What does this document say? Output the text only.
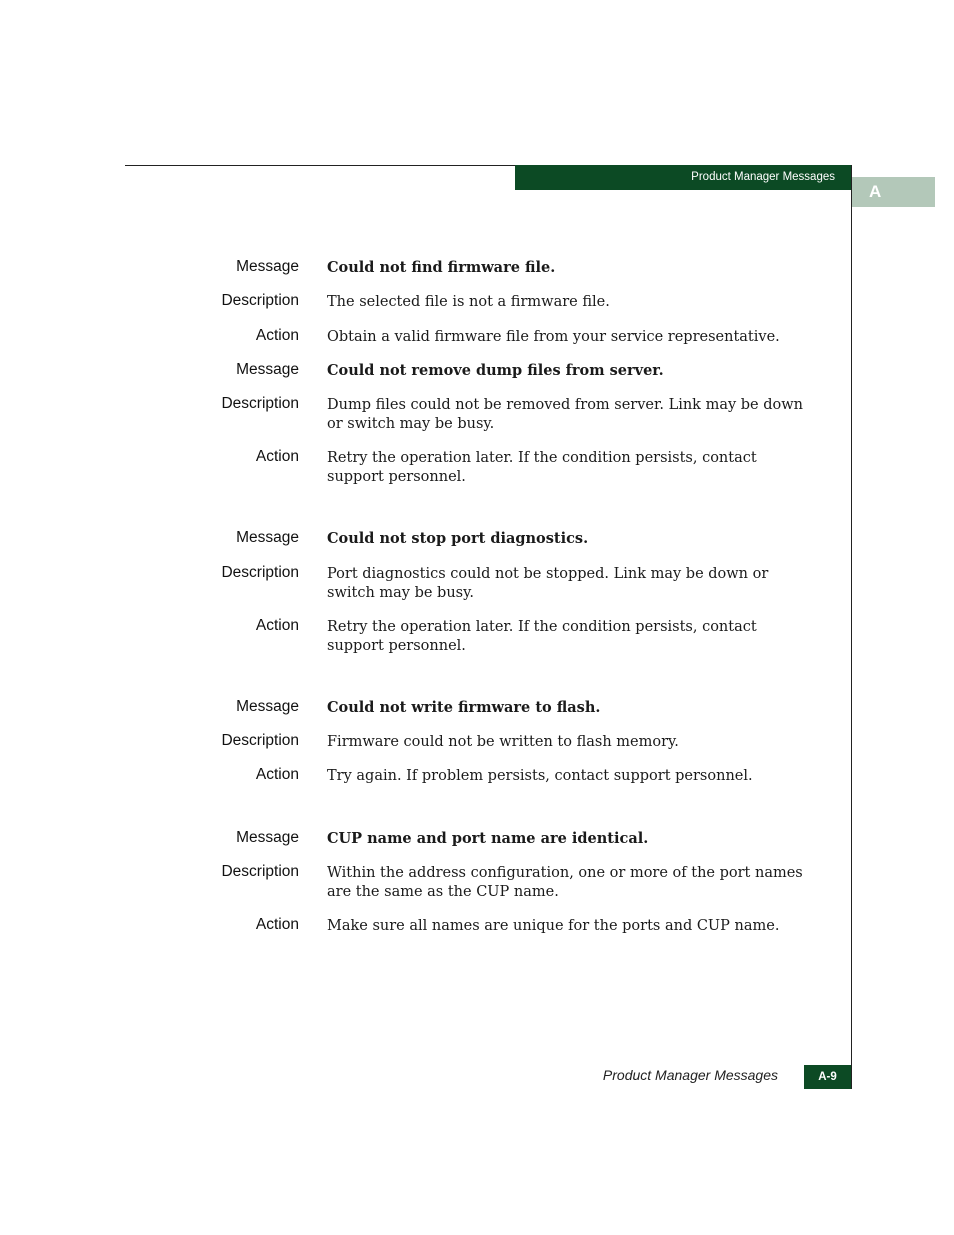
Product Manager Messages
A
Message Could not find firmware file.
Description The selected file is not a firmware file.
Action Obtain a valid firmware file from your service representative.
Message Could not remove dump files from server.
Description Dump files could not be removed from server. Link may be down or switch may be busy.
Action Retry the operation later. If the condition persists, contact support personnel.
Message Could not stop port diagnostics.
Description Port diagnostics could not be stopped. Link may be down or switch may be busy.
Action Retry the operation later. If the condition persists, contact support personnel.
Message Could not write firmware to flash.
Description Firmware could not be written to flash memory.
Action Try again. If problem persists, contact support personnel.
Message CUP name and port name are identical.
Description Within the address configuration, one or more of the port names are the same as the CUP name.
Action Make sure all names are unique for the ports and CUP name.
Product Manager Messages	A-9
